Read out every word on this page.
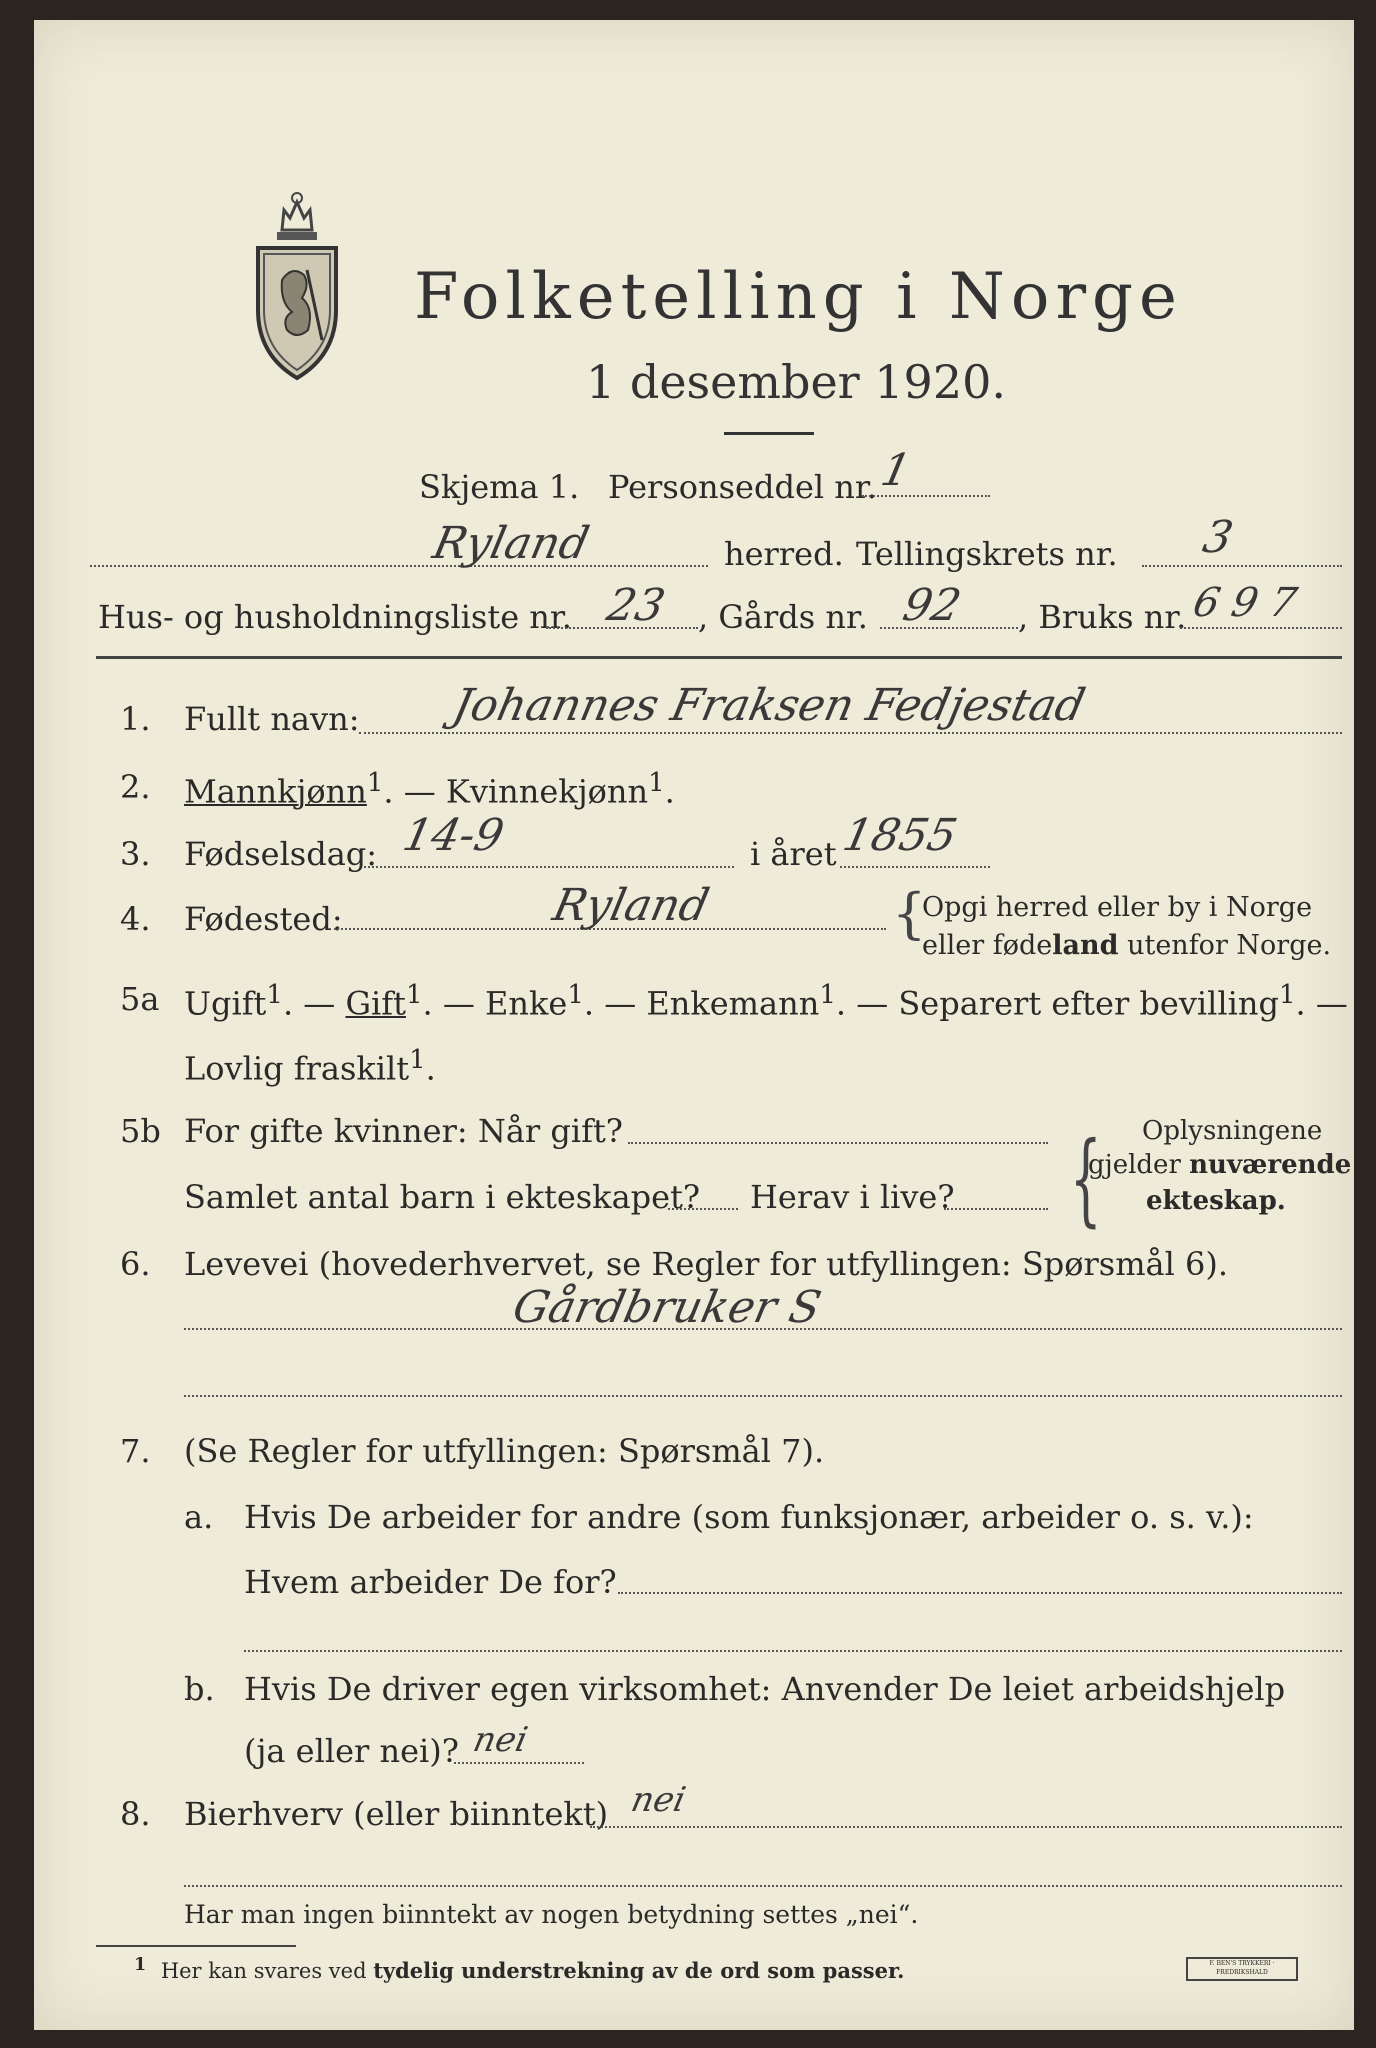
Folketelling i Norge
1 desember 1920.
Skjema 1. Personseddel nr. 1
Ryland	herred. Tellingskrets nr. 3
Hus- og husholdningsliste nr. 23 , Gårds nr. 92 , Bruks nr. 6 9 7
1. Fullt navn: Johannes Fraksen Fedjestad
2. Mannkjønn$^1$. — Kvinnekjønn$^1$.
3. Fødselsdag: 14-9	i året 1855
4. Fødested:	Ryland	{
Opgi herred eller by i Norge
eller fødeland utenfor Norge.
5a Ugift$^1$. — Gift$^1$. — Enke$^1$. — Enkemann$^1$. — Separert efter bevilling$^1$. —
Lovlig fraskilt$^1$.
5b For gifte kvinner: Når gift?
Samlet antal barn i ekteskapet? Herav i live? { Oplysningene
gjelder nuværende
ekteskap.
6. Levevei (hovederhvervet, se Regler for utfyllingen: Spørsmål 6).
Gårdbruker S
7. (Se Regler for utfyllingen: Spørsmål 7).
a. Hvis De arbeider for andre (som funksjonær, arbeider o. s. v.):
Hvem arbeider De for?
b. Hvis De driver egen virksomhet: Anvender De leiet arbeidshjelp
(ja eller nei)? nei
8. Bierhverv (eller biinntekt) nei
Har man ingen biinntekt av nogen betydning settes „nei“.
$^1$ Her kan svares ved tydelig understrekning av de ord som passer.	F. BEN'S TRYKKERI · FREDRIKSHALD
